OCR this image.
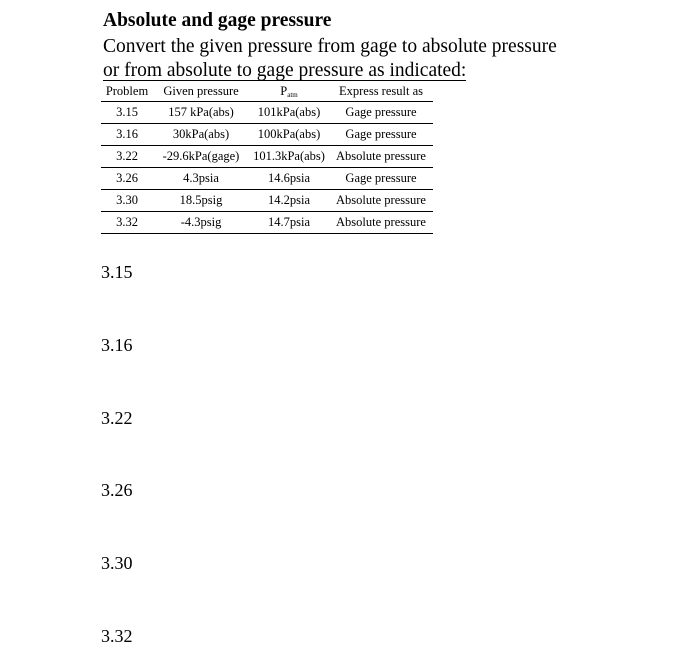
Absolute and gage pressure
Convert the given pressure from gage to absolute pressure
or from absolute to gage pressure as indicated:
Problem	Given pressure	$P_{atm}$	Express result as
3.15	157 kPa(abs)	101kPa(abs)	Gage pressure
3.16	30kPa(abs)	100kPa(abs)	Gage pressure
3.22	-29.6kPa(gage)	101.3kPa(abs)	Absolute pressure
3.26	4.3psia	14.6psia	Gage pressure
3.30	18.5psig	14.2psia	Absolute pressure
3.32	-4.3psig	14.7psia	Absolute pressure
3.15
3.16
3.22
3.26
3.30
3.32
